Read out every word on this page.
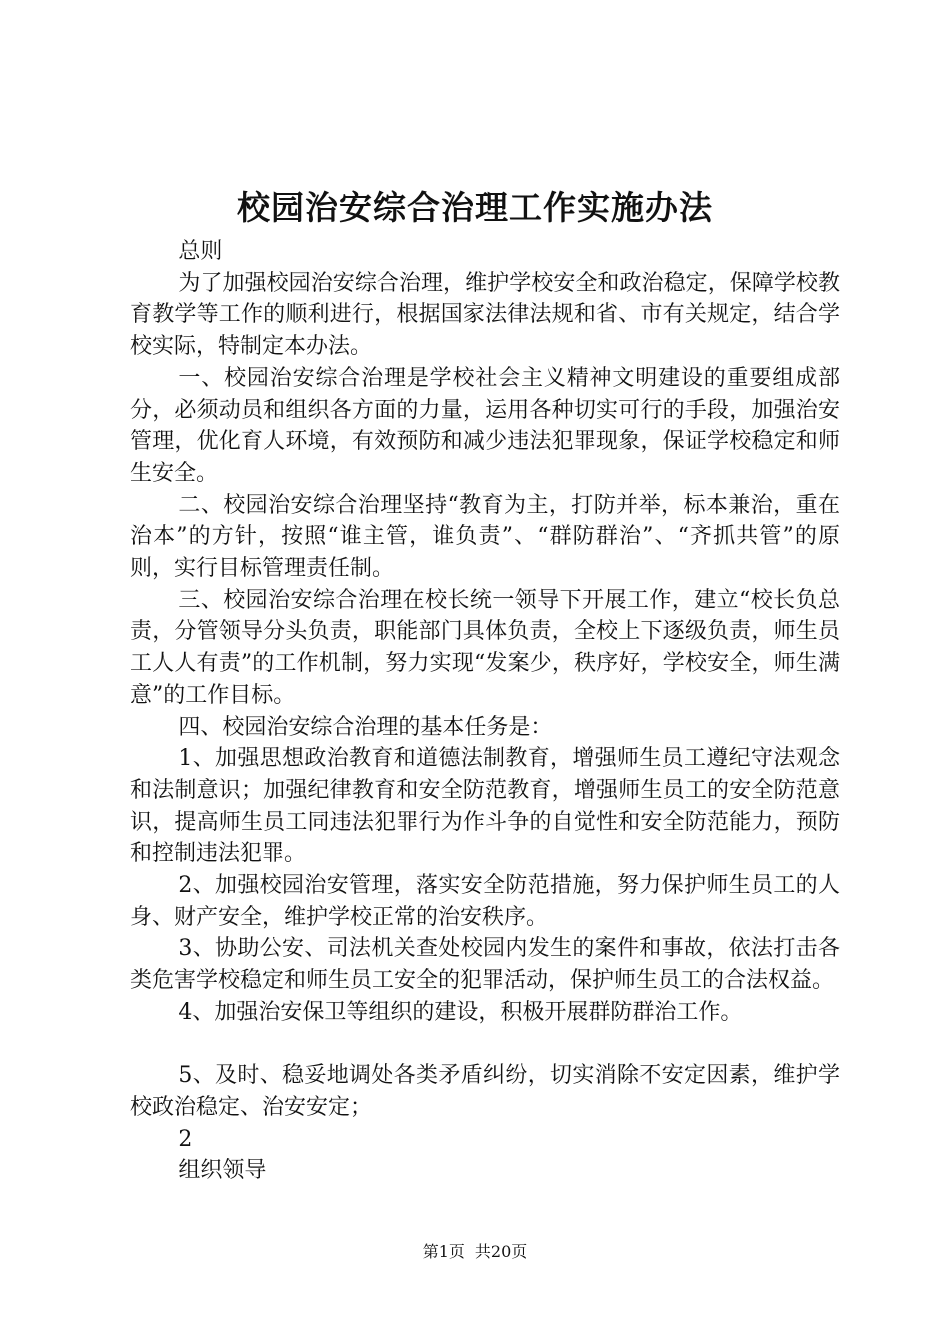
校园治安综合治理工作实施办法

总则

为了加强校园治安综合治理，维护学校安全和政治稳定，保障学校教育教学等工作的顺利进行，根据国家法律法规和省、市有关规定，结合学校实际，特制定本办法。

一、校园治安综合治理是学校社会主义精神文明建设的重要组成部分，必须动员和组织各方面的力量，运用各种切实可行的手段，加强治安管理，优化育人环境，有效预防和减少违法犯罪现象，保证学校稳定和师生安全。

二、校园治安综合治理坚持“教育为主，打防并举，标本兼治，重在治本”的方针，按照“谁主管，谁负责”、“群防群治”、“齐抓共管”的原则，实行目标管理责任制。

三、校园治安综合治理在校长统一领导下开展工作，建立“校长负总责，分管领导分头负责，职能部门具体负责，全校上下逐级负责，师生员工人人有责”的工作机制，努力实现“发案少，秩序好，学校安全，师生满意”的工作目标。

四、校园治安综合治理的基本任务是：

1、加强思想政治教育和道德法制教育，增强师生员工遵纪守法观念和法制意识；加强纪律教育和安全防范教育，增强师生员工的安全防范意识，提高师生员工同违法犯罪行为作斗争的自觉性和安全防范能力，预防和控制违法犯罪。

2、加强校园治安管理，落实安全防范措施，努力保护师生员工的人身、财产安全，维护学校正常的治安秩序。

3、协助公安、司法机关查处校园内发生的案件和事故，依法打击各类危害学校稳定和师生员工安全的犯罪活动，保护师生员工的合法权益。

4、加强治安保卫等组织的建设，积极开展群防群治工作。

5、及时、稳妥地调处各类矛盾纠纷，切实消除不安定因素，维护学校政治稳定、治安安定；

2

组织领导

第1页 共20页
